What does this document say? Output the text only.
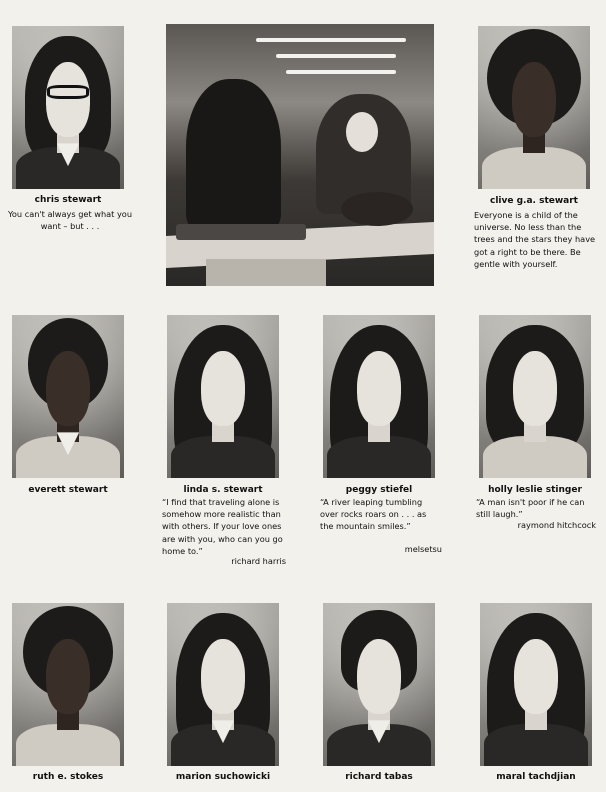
chris stewart
You can't always get what you want – but . . .
clive g.a. stewart
Everyone is a child of the universe. No less than the trees and the stars they have got a right to be there. Be gentle with yourself.
everett stewart	linda s. stewart
“I find that traveling alone is somehow more realistic than with others. If your love ones are with you, who can you go home to.”
richard harris
peggy stiefel
“A river leaping tumbling over rocks roars on . . . as the mountain smiles.”
melsetsu
holly leslie stinger
“A man isn't poor if he can still laugh.”
raymond hitchcock
ruth e. stokes	marion suchowicki	richard tabas	maral tachdjian
